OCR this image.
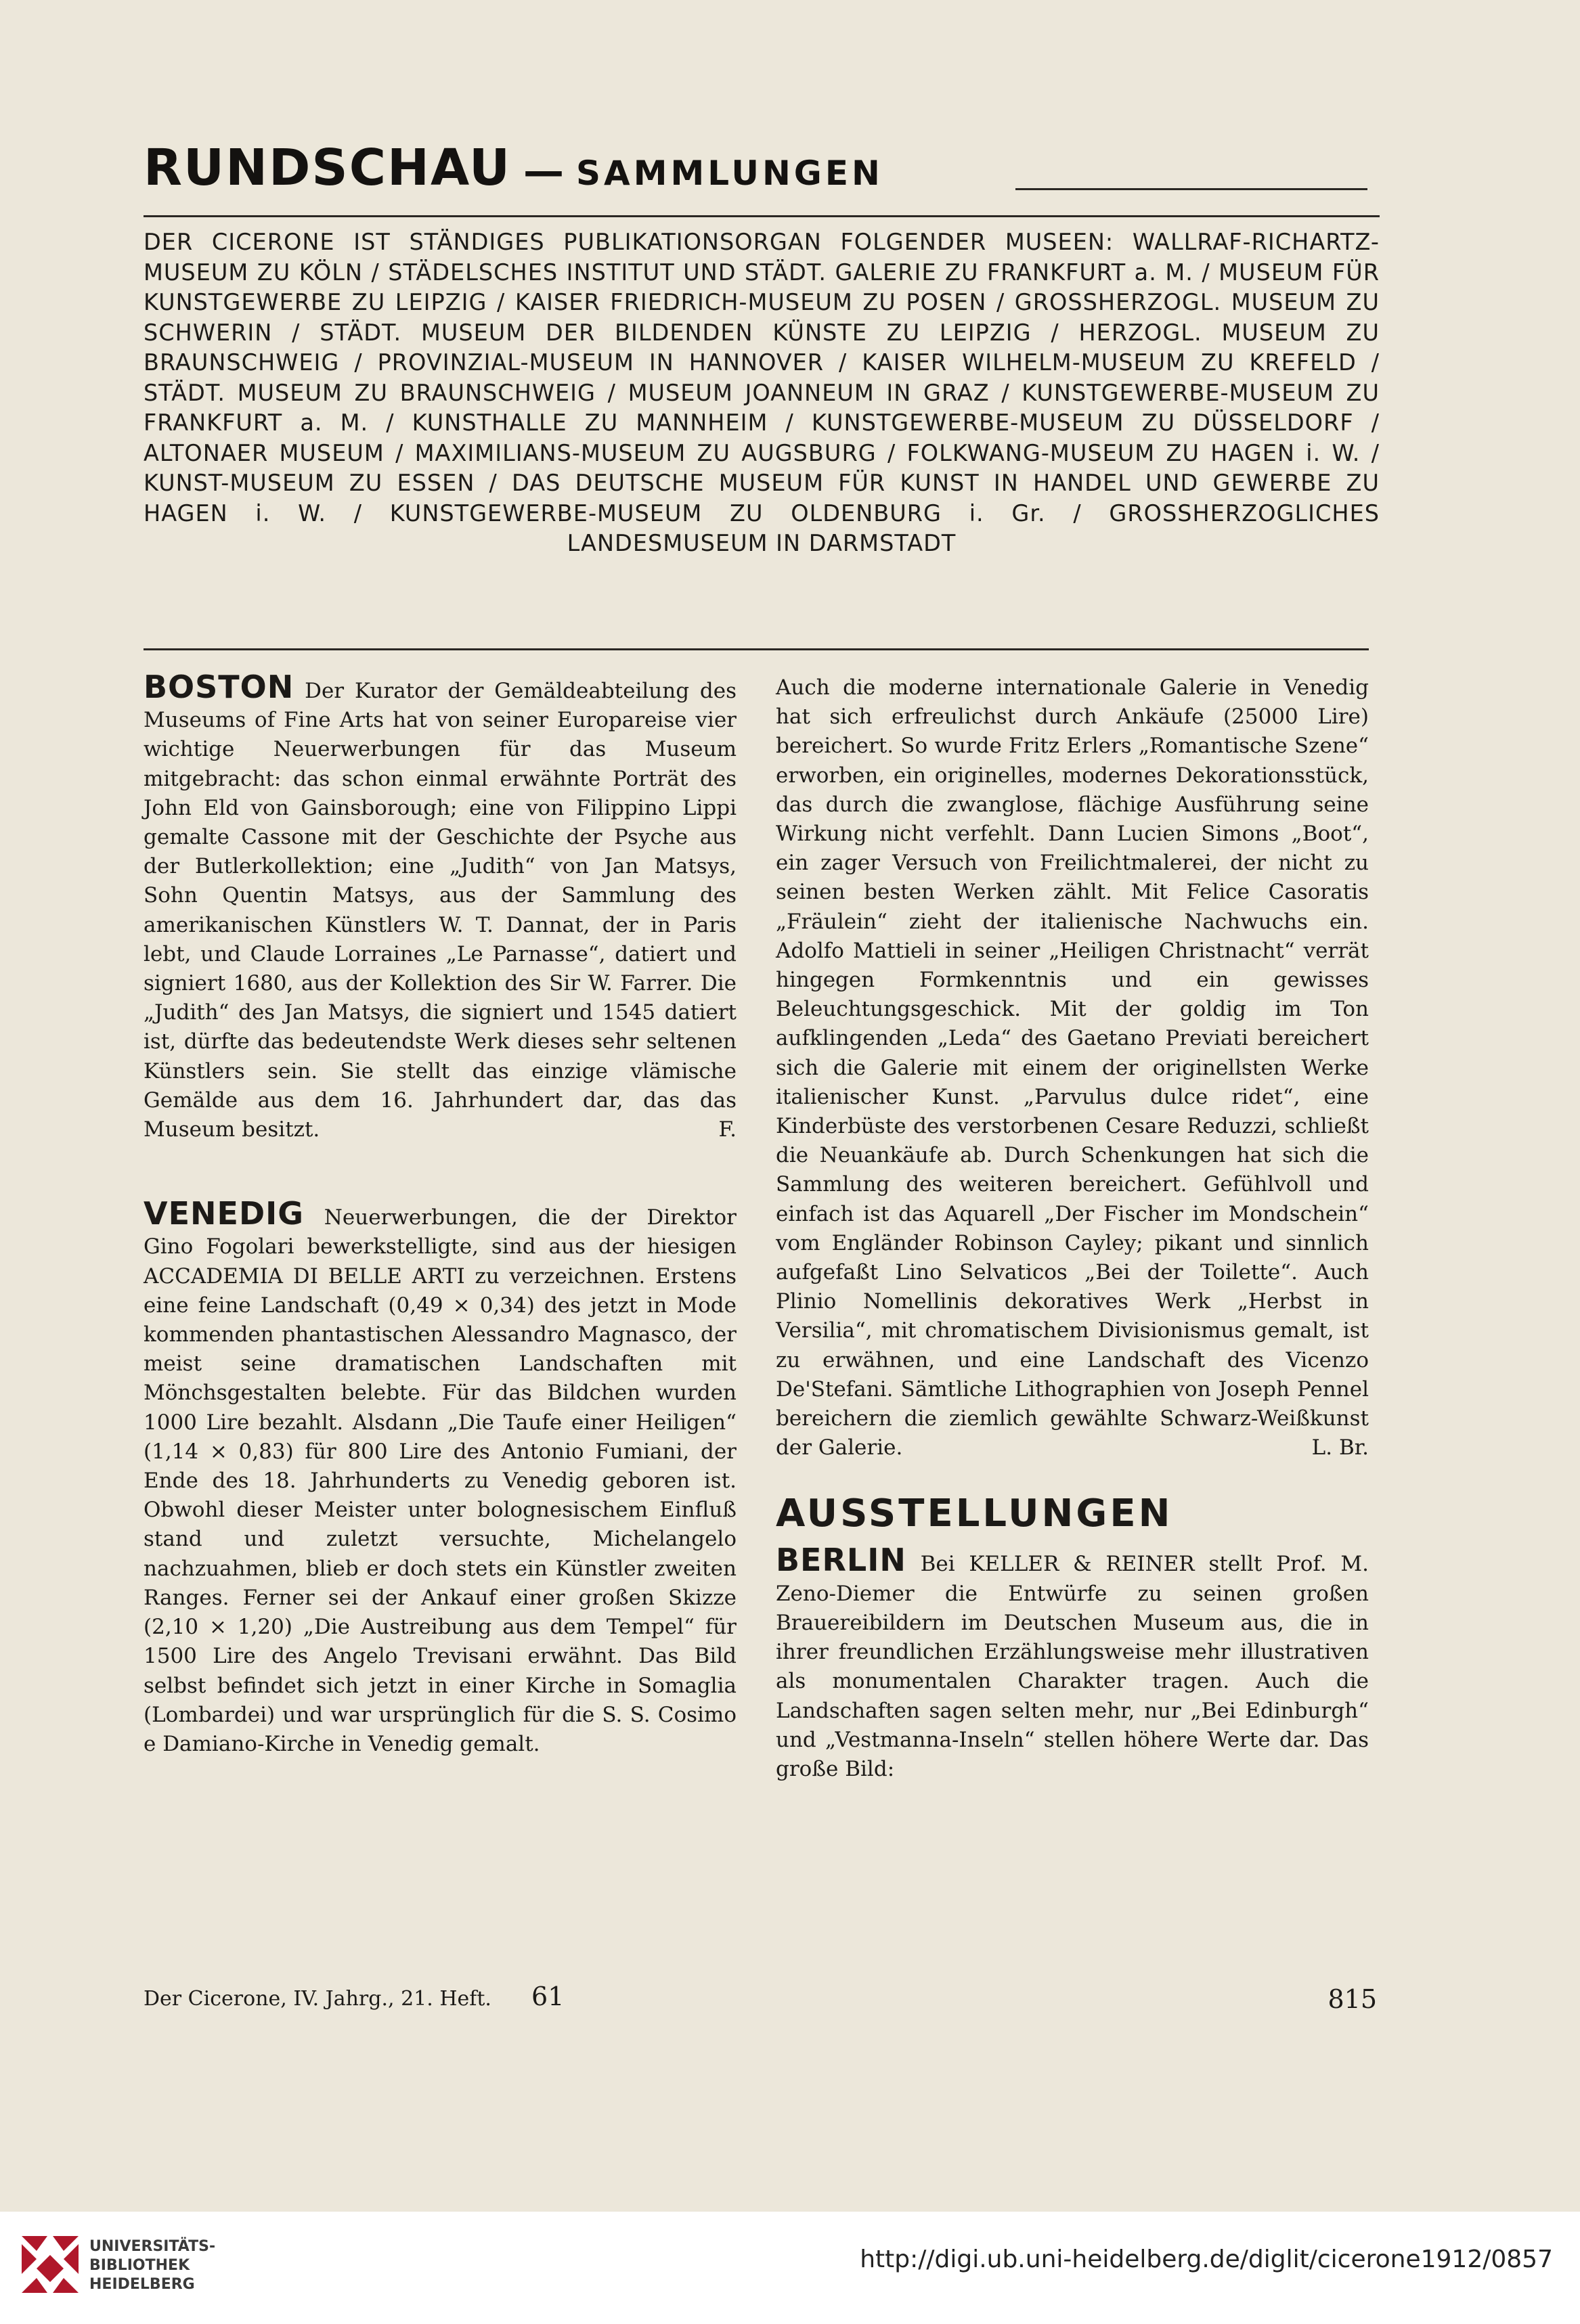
RUNDSCHAU — SAMMLUNGEN
DER CICERONE IST STÄNDIGES PUBLIKATIONSORGAN FOLGENDER MUSEEN: WALLRAF-RICHARTZ-MUSEUM ZU KÖLN / STÄDELSCHES INSTITUT UND STÄDT. GALERIE ZU FRANKFURT a. M. / MUSEUM FÜR KUNSTGEWERBE ZU LEIPZIG / KAISER FRIEDRICH-MUSEUM ZU POSEN / GROSSHERZOGL. MUSEUM ZU SCHWERIN / STÄDT. MUSEUM DER BILDENDEN KÜNSTE ZU LEIPZIG / HERZOGL. MUSEUM ZU BRAUNSCHWEIG / PROVINZIAL-MUSEUM IN HANNOVER / KAISER WILHELM-MUSEUM ZU KREFELD / STÄDT. MUSEUM ZU BRAUNSCHWEIG / MUSEUM JOANNEUM IN GRAZ / KUNSTGEWERBE-MUSEUM ZU FRANKFURT a. M. / KUNSTHALLE ZU MANNHEIM / KUNSTGEWERBE-MUSEUM ZU DÜSSELDORF / ALTONAER MUSEUM / MAXIMILIANS-MUSEUM ZU AUGSBURG / FOLKWANG-MUSEUM ZU HAGEN i. W. / KUNST-MUSEUM ZU ESSEN / DAS DEUTSCHE MUSEUM FÜR KUNST IN HANDEL UND GEWERBE ZU HAGEN i. W. / KUNSTGEWERBE-MUSEUM ZU OLDENBURG i. Gr. / GROSSHERZOGLICHES LANDESMUSEUM IN DARMSTADT

BOSTON Der Kurator der Gemäldeabteilung des Museums of Fine Arts hat von seiner Europareise vier wichtige Neuerwerbungen für das Museum mitgebracht: das schon einmal erwähnte Porträt des John Eld von Gainsborough; eine von Filippino Lippi gemalte Cassone mit der Geschichte der Psyche aus der Butlerkollektion; eine „Judith“ von Jan Matsys, Sohn Quentin Matsys, aus der Sammlung des amerikanischen Künstlers W. T. Dannat, der in Paris lebt, und Claude Lorraines „Le Parnasse“, datiert und signiert 1680, aus der Kollektion des Sir W. Farrer. Die „Judith“ des Jan Matsys, die signiert und 1545 datiert ist, dürfte das bedeutendste Werk dieses sehr seltenen Künstlers sein. Sie stellt das einzige vlämische Gemälde aus dem 16. Jahrhundert dar, das das Museum besitzt.	F.

VENEDIG Neuerwerbungen, die der Direktor Gino Fogolari bewerkstelligte, sind aus der hiesigen ACCADEMIA DI BELLE ARTI zu verzeichnen. Erstens eine feine Landschaft (0,49 × 0,34) des jetzt in Mode kommenden phantastischen Alessandro Magnasco, der meist seine dramatischen Landschaften mit Mönchsgestalten belebte. Für das Bildchen wurden 1000 Lire bezahlt. Alsdann „Die Taufe einer Heiligen“ (1,14 × 0,83) für 800 Lire des Antonio Fumiani, der Ende des 18. Jahrhunderts zu Venedig geboren ist. Obwohl dieser Meister unter bolognesischem Einfluß stand und zuletzt versuchte, Michelangelo nachzuahmen, blieb er doch stets ein Künstler zweiten Ranges. Ferner sei der Ankauf einer großen Skizze (2,10 × 1,20) „Die Austreibung aus dem Tempel“ für 1500 Lire des Angelo Trevisani erwähnt. Das Bild selbst befindet sich jetzt in einer Kirche in Somaglia (Lombardei) und war ursprünglich für die S. S. Cosimo e Damiano-Kirche in Venedig gemalt.

Auch die moderne internationale Galerie in Venedig hat sich erfreulichst durch Ankäufe (25000 Lire) bereichert. So wurde Fritz Erlers „Romantische Szene“ erworben, ein originelles, modernes Dekorationsstück, das durch die zwanglose, flächige Ausführung seine Wirkung nicht verfehlt. Dann Lucien Simons „Boot“, ein zager Versuch von Freilichtmalerei, der nicht zu seinen besten Werken zählt. Mit Felice Casoratis „Fräulein“ zieht der italienische Nachwuchs ein. Adolfo Mattieli in seiner „Heiligen Christnacht“ verrät hingegen Formkenntnis und ein gewisses Beleuchtungsgeschick. Mit der goldig im Ton aufklingenden „Leda“ des Gaetano Previati bereichert sich die Galerie mit einem der originellsten Werke italienischer Kunst. „Parvulus dulce ridet“, eine Kinderbüste des verstorbenen Cesare Reduzzi, schließt die Neuankäufe ab. Durch Schenkungen hat sich die Sammlung des weiteren bereichert. Gefühlvoll und einfach ist das Aquarell „Der Fischer im Mondschein“ vom Engländer Robinson Cayley; pikant und sinnlich aufgefaßt Lino Selvaticos „Bei der Toilette“. Auch Plinio Nomellinis dekoratives Werk „Herbst in Versilia“, mit chromatischem Divisionismus gemalt, ist zu erwähnen, und eine Landschaft des Vicenzo De'Stefani. Sämtliche Lithographien von Joseph Pennel bereichern die ziemlich gewählte Schwarz-Weißkunst der Galerie.	L. Br.

AUSSTELLUNGEN

BERLIN Bei KELLER & REINER stellt Prof. M. Zeno-Diemer die Entwürfe zu seinen großen Brauereibildern im Deutschen Museum aus, die in ihrer freundlichen Erzählungsweise mehr illustrativen als monumentalen Charakter tragen. Auch die Landschaften sagen selten mehr, nur „Bei Edinburgh“ und „Vestmanna-Inseln“ stellen höhere Werte dar. Das große Bild:

Der Cicerone, IV. Jahrg., 21. Heft. 61	815
UNIVERSITÄTS-
BIBLIOTHEK
HEIDELBERG
http://digi.ub.uni-heidelberg.de/diglit/cicerone1912/0857
